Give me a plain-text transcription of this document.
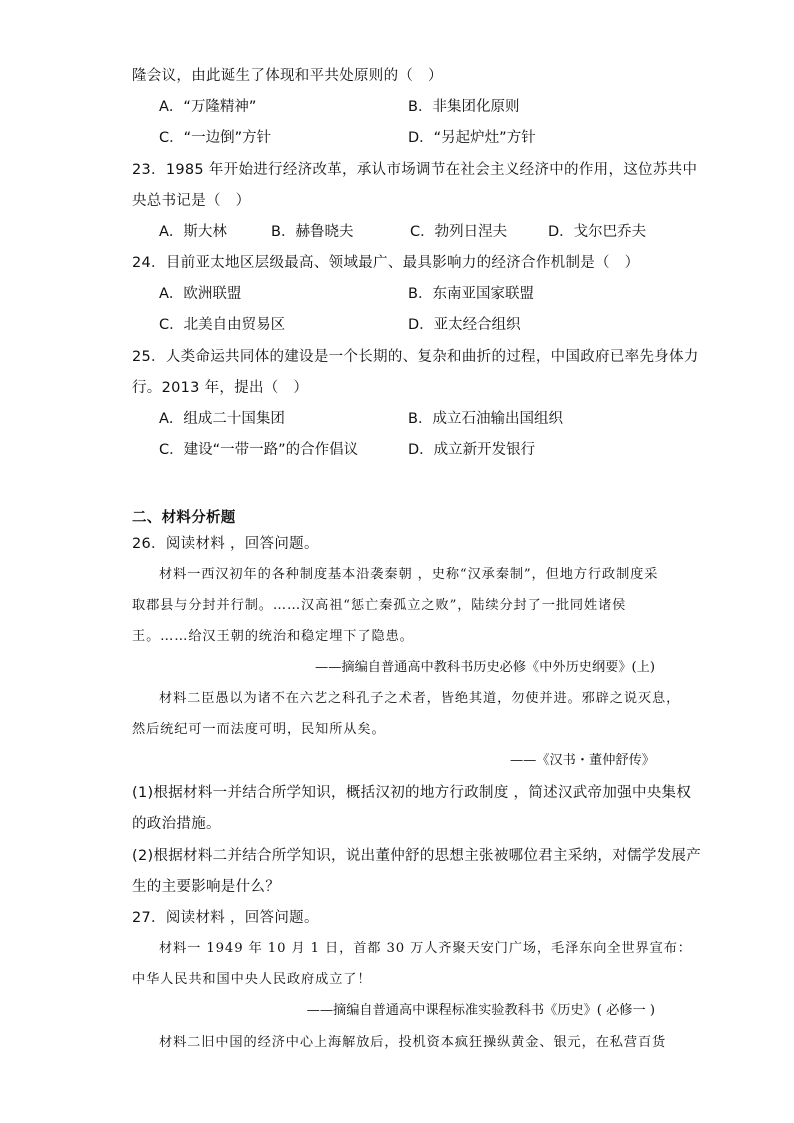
隆会议，由此诞生了体现和平共处原则的（　）
A．“万隆精神”	B．非集团化原则
C．“一边倒”方针	D．“另起炉灶”方针
23．1985 年开始进行经济改革，承认市场调节在社会主义经济中的作用，这位苏共中
央总书记是（　）
A．斯大林	B．赫鲁晓夫	C．勃列日涅夫	D．戈尔巴乔夫
24．目前亚太地区层级最高、领域最广、最具影响力的经济合作机制是（　）
A．欧洲联盟	B．东南亚国家联盟
C．北美自由贸易区	D．亚太经合组织
25．人类命运共同体的建设是一个长期的、复杂和曲折的过程，中国政府已率先身体力
行。2013 年，提出（　）
A．组成二十国集团	B．成立石油输出国组织
C．建设“一带一路”的合作倡议	D．成立新开发银行
二、材料分析题
26．阅读材料 ，回答问题。
材料一西汉初年的各种制度基本沿袭秦朝 ，史称“汉承秦制”，但地方行政制度采
取郡县与分封并行制。……汉高祖“惩亡秦孤立之败”，陆续分封了一批同姓诸侯
王。……给汉王朝的统治和稳定埋下了隐患。
——摘编自普通高中教科书历史必修《中外历史纲要》(上)
材料二臣愚以为诸不在六艺之科孔子之术者，皆绝其道，勿使并进。邪辟之说灭息，
然后统纪可一而法度可明，民知所从矣。
——《汉书・董仲舒传》
(1)根据材料一并结合所学知识，概括汉初的地方行政制度 ，简述汉武帝加强中央集权
的政治措施。
(2)根据材料二并结合所学知识，说出董仲舒的思想主张被哪位君主采纳，对儒学发展产
生的主要影响是什么？
27．阅读材料 ，回答问题。
材料一 1949 年 10 月 1 日，首都 30 万人齐聚天安门广场，毛泽东向全世界宣布：
中华人民共和国中央人民政府成立了！
——摘编自普通高中课程标准实验教科书《历史》( 必修一 )
材料二旧中国的经济中心上海解放后，投机资本疯狂操纵黄金、银元，在私营百货
